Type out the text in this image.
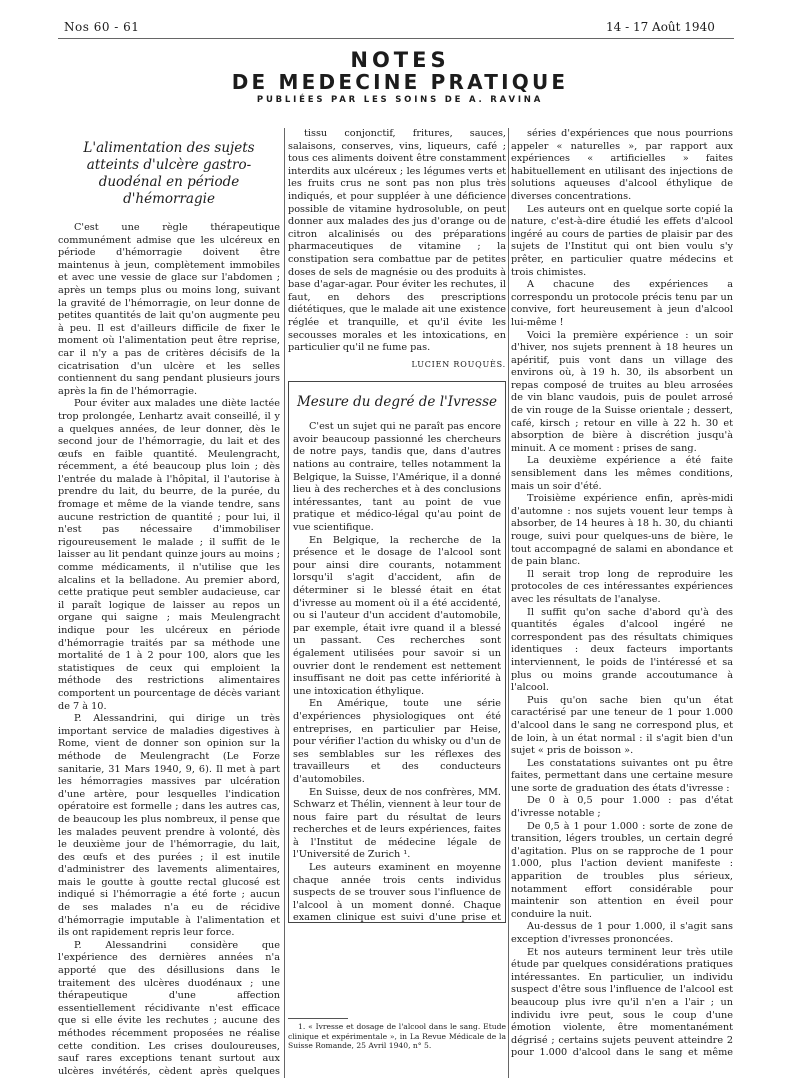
Nos 60 - 61	14 - 17 Août 1940
NOTES
DE MEDECINE PRATIQUE
PUBLIÉES PAR LES SOINS DE A. RAVINA
L'alimentation des sujets atteints d'ulcère gastro-duodénal en période d'hémorragie

C'est une règle thérapeutique communément admise que les ulcéreux en période d'hémorragie doivent être maintenus à jeun, complètement immobiles et avec une vessie de glace sur l'abdomen ; après un temps plus ou moins long, suivant la gravité de l'hémorragie, on leur donne de petites quantités de lait qu'on augmente peu à peu. Il est d'ailleurs difficile de fixer le moment où l'alimentation peut être reprise, car il n'y a pas de critères décisifs de la cicatrisation d'un ulcère et les selles contiennent du sang pendant plusieurs jours après la fin de l'hémorragie.

Pour éviter aux malades une diète lactée trop prolongée, Lenhartz avait conseillé, il y a quelques années, de leur donner, dès le second jour de l'hémorragie, du lait et des œufs en faible quantité. Meulengracht, récemment, a été beaucoup plus loin ; dès l'entrée du malade à l'hôpital, il l'autorise à prendre du lait, du beurre, de la purée, du fromage et même de la viande tendre, sans aucune restriction de quantité ; pour lui, il n'est pas nécessaire d'immobiliser rigoureusement le malade ; il suffit de le laisser au lit pendant quinze jours au moins ; comme médicaments, il n'utilise que les alcalins et la belladone. Au premier abord, cette pratique peut sembler audacieuse, car il paraît logique de laisser au repos un organe qui saigne ; mais Meulengracht indique pour les ulcéreux en période d'hémorragie traités par sa méthode une mortalité de 1 à 2 pour 100, alors que les statistiques de ceux qui emploient la méthode des restrictions alimentaires comportent un pourcentage de décès variant de 7 à 10.

P. Alessandrini, qui dirige un très important service de maladies digestives à Rome, vient de donner son opinion sur la méthode de Meulengracht (Le Forze sanitarie, 31 Mars 1940, 9, 6). Il met à part les hémorragies massives par ulcération d'une artère, pour lesquelles l'indication opératoire est formelle ; dans les autres cas, de beaucoup les plus nombreux, il pense que les malades peuvent prendre à volonté, dès le deuxième jour de l'hémorragie, du lait, des œufs et des purées ; il est inutile d'administrer des lavements alimentaires, mais le goutte à goutte rectal glucosé est indiqué si l'hémorragie a été forte ; aucun de ses malades n'a eu de récidive d'hémorragie imputable à l'alimentation et ils ont rapidement repris leur force.

P. Alessandrini considère que l'expérience des dernières années n'a apporté que des désillusions dans le traitement des ulcères duodénaux ; une thérapeutique d'une affection essentiellement récidivante n'est efficace que si elle évite les rechutes ; aucune des méthodes récemment proposées ne réalise cette condition. Les crises douloureuses, sauf rares exceptions tenant surtout aux ulcères invétérés, cèdent après quelques

tissu conjonctif, fritures, sauces, salaisons, conserves, vins, liqueurs, café ; tous ces aliments doivent être constamment interdits aux ulcéreux ; les légumes verts et les fruits crus ne sont pas non plus très indiqués, et pour suppléer à une déficience possible de vitamine hydrosoluble, on peut donner aux malades des jus d'orange ou de citron alcalinisés ou des préparations pharmaceutiques de vitamine ; la constipation sera combattue par de petites doses de sels de magnésie ou des produits à base d'agar-agar. Pour éviter les rechutes, il faut, en dehors des prescriptions diététiques, que le malade ait une existence réglée et tranquille, et qu'il évite les secousses morales et les intoxications, en particulier qu'il ne fume pas.

LUCIEN ROUQUÈS.
Mesure du degré de l'Ivresse

C'est un sujet qui ne paraît pas encore avoir beaucoup passionné les chercheurs de notre pays, tandis que, dans d'autres nations au contraire, telles notamment la Belgique, la Suisse, l'Amérique, il a donné lieu à des recherches et à des conclusions intéressantes, tant au point de vue pratique et médico-légal qu'au point de vue scientifique.

En Belgique, la recherche de la présence et le dosage de l'alcool sont pour ainsi dire courants, notamment lorsqu'il s'agit d'accident, afin de déterminer si le blessé était en état d'ivresse au moment où il a été accidenté, ou si l'auteur d'un accident d'automobile, par exemple, était ivre quand il a blessé un passant. Ces recherches sont également utilisées pour savoir si un ouvrier dont le rendement est nettement insuffisant ne doit pas cette infériorité à une intoxication éthylique.

En Amérique, toute une série d'expériences physiologiques ont été entreprises, en particulier par Heise, pour vérifier l'action du whisky ou d'un de ses semblables sur les réflexes des travailleurs et des conducteurs d'automobiles.

En Suisse, deux de nos confrères, MM. Schwarz et Thélin, viennent à leur tour de nous faire part du résultat de leurs recherches et de leurs expériences, faites à l'Institut de médecine légale de l'Université de Zurich ¹.

Les auteurs examinent en moyenne chaque année trois cents individus suspects de se trouver sous l'influence de l'alcool à un moment donné. Chaque examen clinique est suivi d'une prise et

séries d'expériences que nous pourrions appeler « naturelles », par rapport aux expériences « artificielles » faites habituellement en utilisant des injections de solutions aqueuses d'alcool éthylique de diverses concentrations.

Les auteurs ont en quelque sorte copié la nature, c'est-à-dire étudié les effets d'alcool ingéré au cours de parties de plaisir par des sujets de l'Institut qui ont bien voulu s'y prêter, en particulier quatre médecins et trois chimistes.

A chacune des expériences a correspondu un protocole précis tenu par un convive, fort heureusement à jeun d'alcool lui-même !

Voici la première expérience : un soir d'hiver, nos sujets prennent à 18 heures un apéritif, puis vont dans un village des environs où, à 19 h. 30, ils absorbent un repas composé de truites au bleu arrosées de vin blanc vaudois, puis de poulet arrosé de vin rouge de la Suisse orientale ; dessert, café, kirsch ; retour en ville à 22 h. 30 et absorption de bière à discrétion jusqu'à minuit. A ce moment : prises de sang.

La deuxième expérience a été faite sensiblement dans les mêmes conditions, mais un soir d'été.

Troisième expérience enfin, après-midi d'automne : nos sujets vouent leur temps à absorber, de 14 heures à 18 h. 30, du chianti rouge, suivi pour quelques-uns de bière, le tout accompagné de salami en abondance et de pain blanc.

Il serait trop long de reproduire les protocoles de ces intéressantes expériences avec les résultats de l'analyse.

Il suffit qu'on sache d'abord qu'à des quantités égales d'alcool ingéré ne correspondent pas des résultats chimiques identiques : deux facteurs importants interviennent, le poids de l'intéressé et sa plus ou moins grande accoutumance à l'alcool.

Puis qu'on sache bien qu'un état caractérisé par une teneur de 1 pour 1.000 d'alcool dans le sang ne correspond plus, et de loin, à un état normal : il s'agit bien d'un sujet « pris de boisson ».

Les constatations suivantes ont pu être faites, permettant dans une certaine mesure une sorte de graduation des états d'ivresse :

De 0 à 0,5 pour 1.000 : pas d'état d'ivresse notable ;

De 0,5 à 1 pour 1.000 : sorte de zone de transition, légers troubles, un certain degré d'agitation. Plus on se rapproche de 1 pour 1.000, plus l'action devient manifeste : apparition de troubles plus sérieux, notamment effort considérable pour maintenir son attention en éveil pour conduire la nuit.

Au-dessus de 1 pour 1.000, il s'agit sans exception d'ivresses prononcées.

Et nos auteurs terminent leur très utile étude par quelques considérations pratiques intéressantes. En particulier, un individu suspect d'être sous l'influence de l'alcool est beaucoup plus ivre qu'il n'en a l'air ; un individu ivre peut, sous le coup d'une émotion violente, être momentanément dégrisé ; certains sujets peuvent atteindre 2 pour 1.000 d'alcool dans le sang et même

1. « Ivresse et dosage de l'alcool dans le sang. Etude clinique et expérimentale », in La Revue Médicale de la Suisse Romande, 25 Avril 1940, n° 5.
